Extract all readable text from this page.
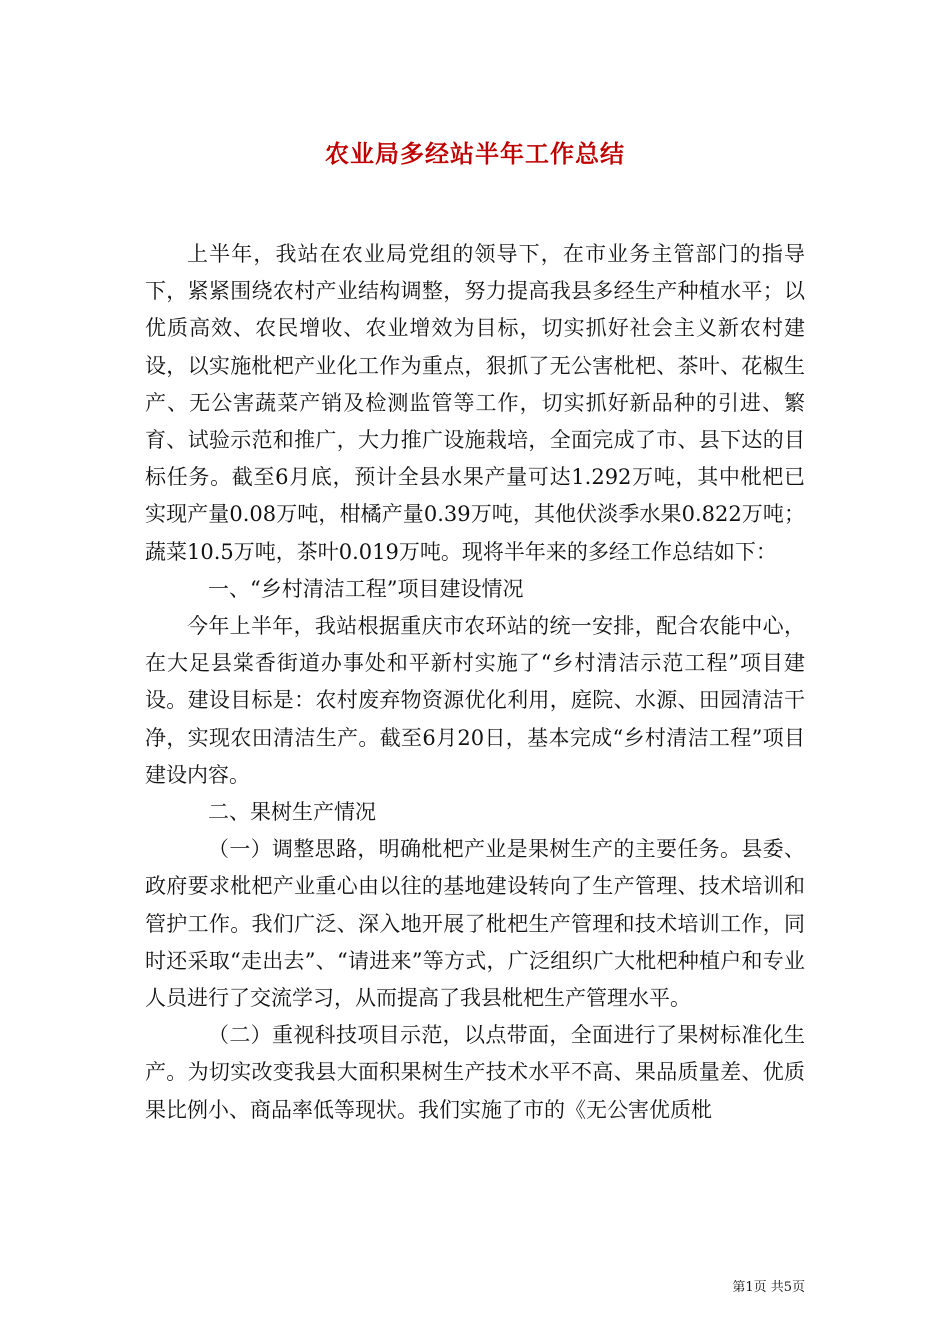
农业局多经站半年工作总结

上半年，我站在农业局党组的领导下，在市业务主管部门的指导下，紧紧围绕农村产业结构调整，努力提高我县多经生产种植水平；以优质高效、农民增收、农业增效为目标，切实抓好社会主义新农村建设，以实施枇杷产业化工作为重点，狠抓了无公害枇杷、茶叶、花椒生产、无公害蔬菜产销及检测监管等工作，切实抓好新品种的引进、繁育、试验示范和推广，大力推广设施栽培，全面完成了市、县下达的目标任务。截至6月底，预计全县水果产量可达1.292万吨，其中枇杷已实现产量0.08万吨，柑橘产量0.39万吨，其他伏淡季水果0.822万吨；蔬菜10.5万吨，茶叶0.019万吨。现将半年来的多经工作总结如下：

一、“乡村清洁工程”项目建设情况

今年上半年，我站根据重庆市农环站的统一安排，配合农能中心，在大足县棠香街道办事处和平新村实施了“乡村清洁示范工程”项目建设。建设目标是：农村废弃物资源优化利用，庭院、水源、田园清洁干净，实现农田清洁生产。截至6月20日，基本完成“乡村清洁工程”项目建设内容。

二、果树生产情况

（一）调整思路，明确枇杷产业是果树生产的主要任务。县委、政府要求枇杷产业重心由以往的基地建设转向了生产管理、技术培训和管护工作。我们广泛、深入地开展了枇杷生产管理和技术培训工作，同时还采取“走出去”、“请进来”等方式，广泛组织广大枇杷种植户和专业人员进行了交流学习，从而提高了我县枇杷生产管理水平。

（二）重视科技项目示范，以点带面，全面进行了果树标准化生产。为切实改变我县大面积果树生产技术水平不高、果品质量差、优质果比例小、商品率低等现状。我们实施了市的《无公害优质枇

第1页 共5页
